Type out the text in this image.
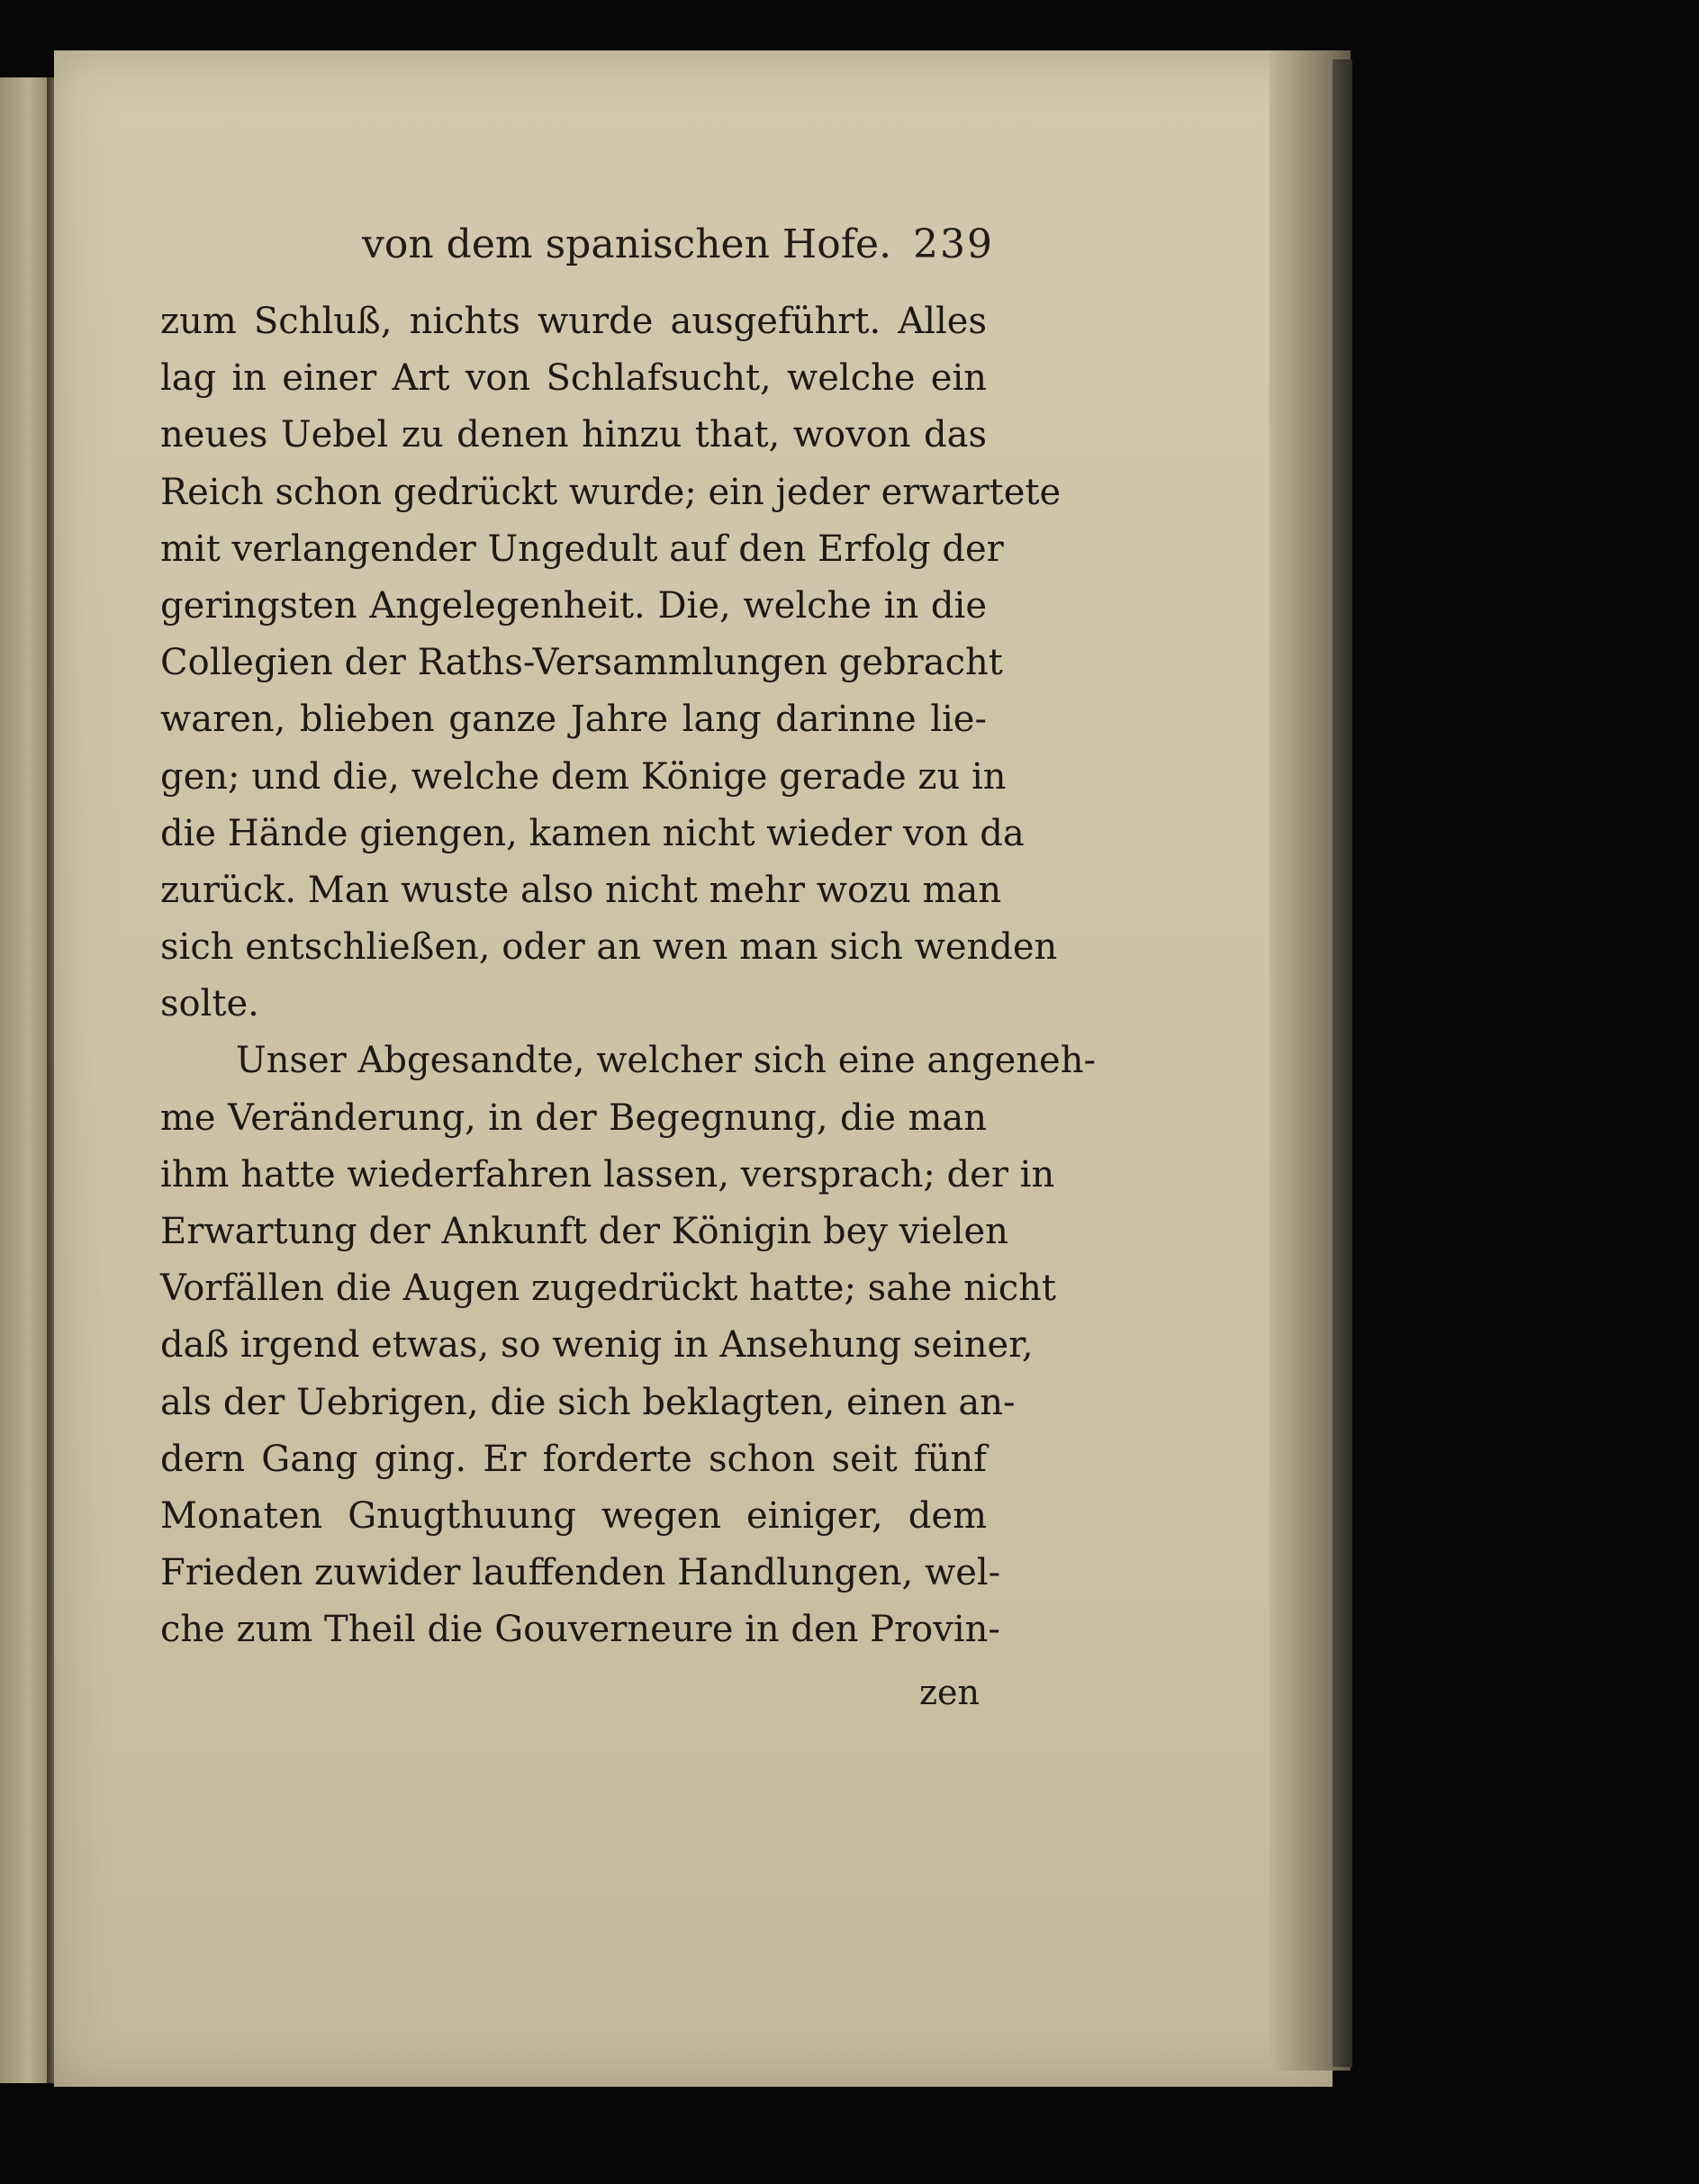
von dem spanischen Hofe. 239
zum Schluß, nichts wurde ausgeführt. Alles
lag in einer Art von Schlafsucht, welche ein
neues Uebel zu denen hinzu that, wovon das
Reich schon gedrückt wurde; ein jeder erwartete
mit verlangender Ungedult auf den Erfolg der
geringsten Angelegenheit. Die, welche in die
Collegien der Raths-Versammlungen gebracht
waren, blieben ganze Jahre lang darinne lie-
gen; und die, welche dem Könige gerade zu in
die Hände giengen, kamen nicht wieder von da
zurück. Man wuste also nicht mehr wozu man
sich entschließen, oder an wen man sich wenden
solte.
Unser Abgesandte, welcher sich eine angeneh-
me Veränderung, in der Begegnung, die man
ihm hatte wiederfahren lassen, versprach; der in
Erwartung der Ankunft der Königin bey vielen
Vorfällen die Augen zugedrückt hatte; sahe nicht
daß irgend etwas, so wenig in Ansehung seiner,
als der Uebrigen, die sich beklagten, einen an-
dern Gang ging. Er forderte schon seit fünf
Monaten Gnugthuung wegen einiger, dem
Frieden zuwider lauffenden Handlungen, wel-
che zum Theil die Gouverneure in den Provin-
zen
